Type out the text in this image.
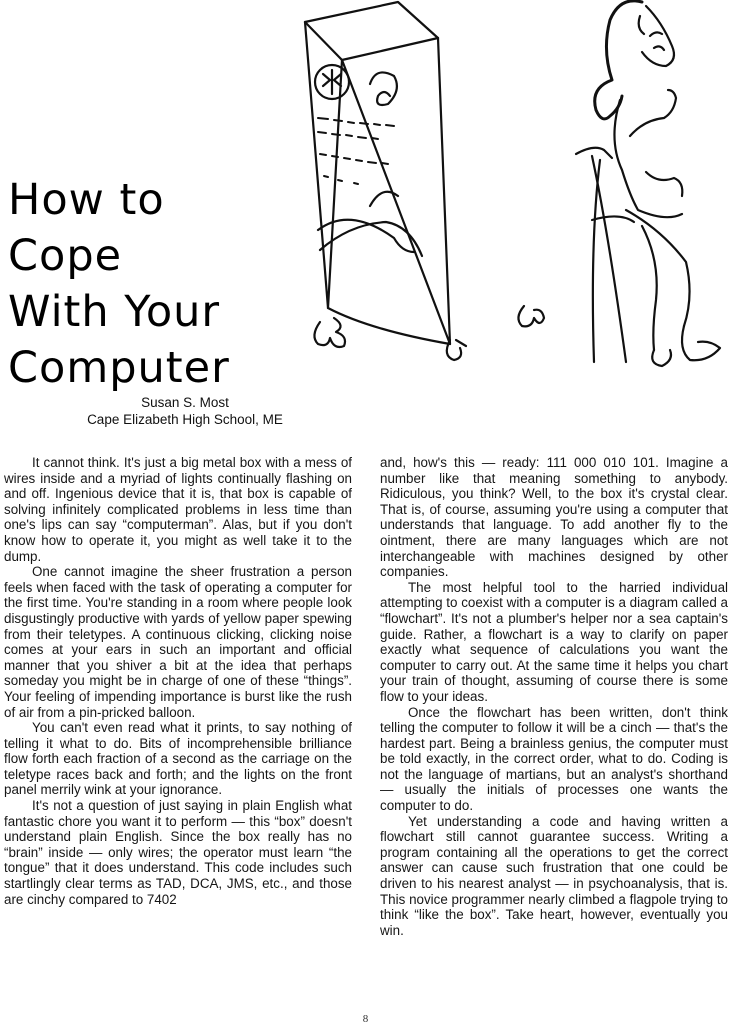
How to
Cope
With Your
Computer
Susan S. Most
Cape Elizabeth High School, ME

It cannot think. It's just a big metal box with a mess of wires inside and a myriad of lights continually flashing on and off. Ingenious device that it is, that box is capable of solving infinitely complicated problems in less time than one's lips can say “computerman”. Alas, but if you don't know how to operate it, you might as well take it to the dump.

One cannot imagine the sheer frustration a person feels when faced with the task of operating a computer for the first time. You're standing in a room where people look disgustingly productive with yards of yellow paper spewing from their teletypes. A continuous clicking, clicking noise comes at your ears in such an important and official manner that you shiver a bit at the idea that perhaps someday you might be in charge of one of these “things”. Your feeling of impending importance is burst like the rush of air from a pin-pricked balloon.

You can't even read what it prints, to say nothing of telling it what to do. Bits of incomprehensible brilliance flow forth each fraction of a second as the carriage on the teletype races back and forth; and the lights on the front panel merrily wink at your ignorance.

It's not a question of just saying in plain English what fantastic chore you want it to perform — this “box” doesn't understand plain English. Since the box really has no “brain” inside — only wires; the operator must learn “the tongue” that it does understand. This code includes such startlingly clear terms as TAD, DCA, JMS, etc., and those are cinchy compared to 7402

and, how's this — ready: 111 000 010 101. Imagine a number like that meaning something to anybody. Ridiculous, you think? Well, to the box it's crystal clear. That is, of course, assuming you're using a computer that understands that language. To add another fly to the ointment, there are many languages which are not interchangeable with machines designed by other companies.

The most helpful tool to the harried individual attempting to coexist with a computer is a diagram called a “flowchart”. It's not a plumber's helper nor a sea captain's guide. Rather, a flowchart is a way to clarify on paper exactly what sequence of calculations you want the computer to carry out. At the same time it helps you chart your train of thought, assuming of course there is some flow to your ideas.

Once the flowchart has been written, don't think telling the computer to follow it will be a cinch — that's the hardest part. Being a brainless genius, the computer must be told exactly, in the correct order, what to do. Coding is not the language of martians, but an analyst's shorthand — usually the initials of processes one wants the computer to do.

Yet understanding a code and having written a flowchart still cannot guarantee success. Writing a program containing all the operations to get the correct answer can cause such frustration that one could be driven to his nearest analyst — in psychoanalysis, that is. This novice programmer nearly climbed a flagpole trying to think “like the box”. Take heart, however, eventually you win.

8
